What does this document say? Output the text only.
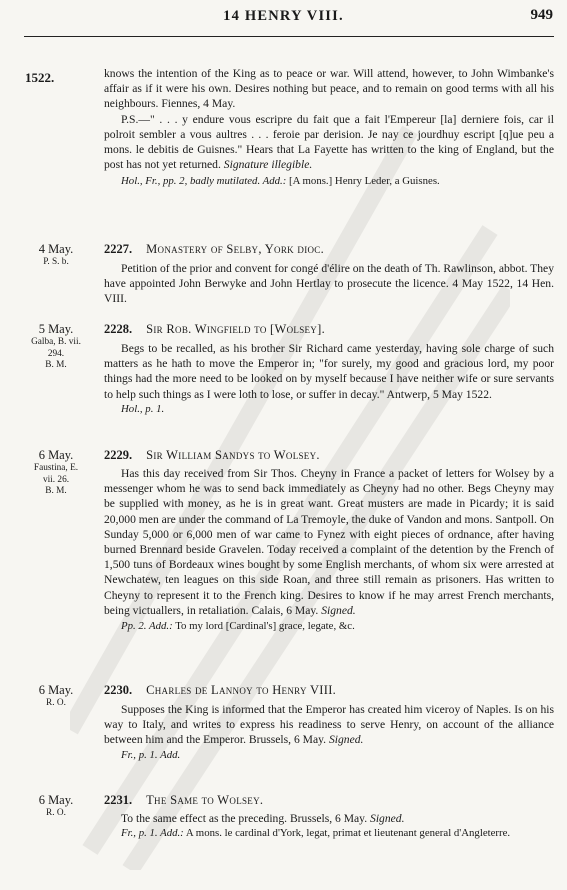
14 HENRY VIII.	949
1522.	knows the intention of the King as to peace or war. Will attend, however, to John Wimbanke's affair as if it were his own. Desires nothing but peace, and to remain on good terms with all his neighbours. Fiennes, 4 May.

P.S.—" . . . y endure vous escripre du fait que a fait l'Empereur [la] derniere fois, car il polroit sembler a vous aultres . . . feroie par derision. Je nay ce jourdhuy escript [q]ue peu a mons. le debitis de Guisnes." Hears that La Fayette has written to the king of England, but the post has not yet returned. Signature illegible.

Hol., Fr., pp. 2, badly mutilated. Add.: [A mons.] Henry Leder, a Guisnes.

4 May.
P. S. b.
2227. Monastery of Selby, York dioc.

Petition of the prior and convent for congé d'élire on the death of Th. Rawlinson, abbot. They have appointed John Berwyke and John Hertlay to prosecute the licence. 4 May 1522, 14 Hen. VIII.

5 May.
Galba, B. vii.
294.
B. M.
2228. Sir Rob. Wingfield to [Wolsey].

Begs to be recalled, as his brother Sir Richard came yesterday, having sole charge of such matters as he hath to move the Emperor in; "for surely, my good and gracious lord, my poor things had the more need to be looked on by myself because I have neither wife or sure servants to help such things as I were loth to lose, or suffer in decay." Antwerp, 5 May 1522.

Hol., p. 1.

6 May.
Faustina, E.
vii. 26.
B. M.
2229. Sir William Sandys to Wolsey.

Has this day received from Sir Thos. Cheyny in France a packet of letters for Wolsey by a messenger whom he was to send back immediately as Cheyny had no other. Begs Cheyny may be supplied with money, as he is in great want. Great musters are made in Picardy; it is said 20,000 men are under the command of La Tremoyle, the duke of Vandon and mons. Santpoll. On Sunday 5,000 or 6,000 men of war came to Fynez with eight pieces of ordnance, after having burned Brennard beside Gravelen. Today received a complaint of the detention by the French of 1,500 tuns of Bordeaux wines bought by some English merchants, of whom six were arrested at Newchatew, ten leagues on this side Roan, and three still remain as prisoners. Has written to Cheyny to represent it to the French king. Desires to know if he may arrest French merchants, being victuallers, in retaliation. Calais, 6 May. Signed.

Pp. 2. Add.: To my lord [Cardinal's] grace, legate, &c.

6 May.
R. O.
2230. Charles de Lannoy to Henry VIII.

Supposes the King is informed that the Emperor has created him viceroy of Naples. Is on his way to Italy, and writes to express his readiness to serve Henry, on account of the alliance between him and the Emperor. Brussels, 6 May. Signed.

Fr., p. 1. Add.

6 May.
R. O.
2231. The Same to Wolsey.

To the same effect as the preceding. Brussels, 6 May. Signed.

Fr., p. 1. Add.: A mons. le cardinal d'York, legat, primat et lieutenant general d'Angleterre.
